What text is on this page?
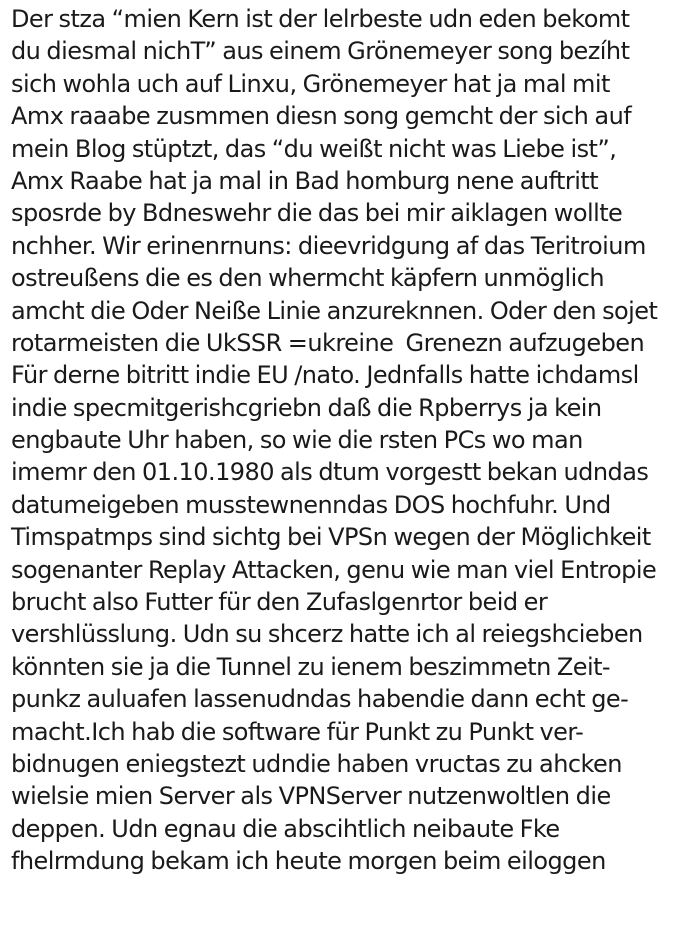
Der stza “mien Kern ist der lelrbeste udn eden bekomt
du diesmal nichT” aus einem Grönemeyer song bezíht
sich wohla uch auf Linxu, Grönemeyer hat ja mal mit
Amx raaabe zusmmen diesn song gemcht der sich auf
mein Blog stüptzt, das “du weißt nicht was Liebe ist”,
Amx Raabe hat ja mal in Bad homburg nene auftritt
sposrde by Bdneswehr die das bei mir aiklagen wollte
nchher. Wir erinenrnuns: dieevridgung af das Teritroium
ostreußens die es den whermcht käpfern unmöglich
amcht die Oder Neiße Linie anzureknnen. Oder den sojet
rotarmeisten die UkSSR =ukreine  Grenezn aufzugeben
Für derne bitritt indie EU /nato. Jednfalls hatte ichdamsl
indie specmitgerishcgriebn daß die Rpberrys ja kein
engbaute Uhr haben, so wie die rsten PCs wo man
imemr den 01.10.1980 als dtum vorgestt bekan udndas
datumeigeben musstewnenndas DOS hochfuhr. Und
Timspatmps sind sichtg bei VPSn wegen der Möglichkeit
sogenanter Replay Attacken, genu wie man viel Entropie
brucht also Futter für den Zufaslgenrtor beid er
vershlüsslung. Udn su shcerz hatte ich al reiegshcieben
könnten sie ja die Tunnel zu ienem beszimmetn Zeit-
punkz auluafen lassenudndas habendie dann echt ge-
macht.Ich hab die software für Punkt zu Punkt ver-
bidnugen eniegstezt udndie haben vructas zu ahcken
wielsie mien Server als VPNServer nutzenwoltlen die
deppen. Udn egnau die abscihtlich neibaute Fke
fhelrmdung bekam ich heute morgen beim eiloggen
